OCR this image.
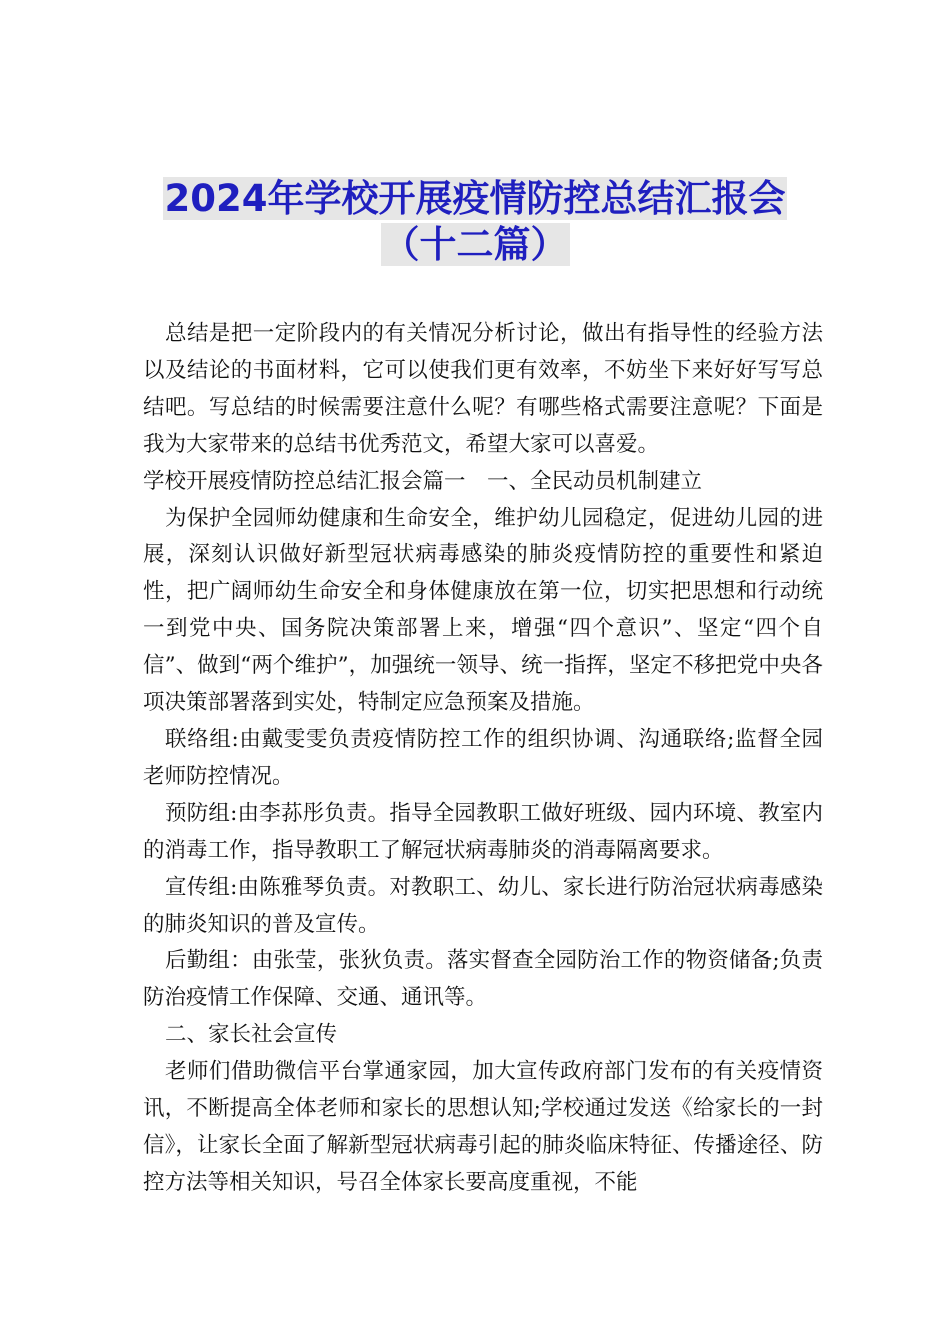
2024年学校开展疫情防控总结汇报会
（十二篇）

总结是把一定阶段内的有关情况分析讨论，做出有指导性的经验方法以及结论的书面材料，它可以使我们更有效率，不妨坐下来好好写写总结吧。写总结的时候需要注意什么呢？有哪些格式需要注意呢？下面是我为大家带来的总结书优秀范文，希望大家可以喜爱。

学校开展疫情防控总结汇报会篇一　一、全民动员机制建立

为保护全园师幼健康和生命安全，维护幼儿园稳定，促进幼儿园的进展，深刻认识做好新型冠状病毒感染的肺炎疫情防控的重要性和紧迫性，把广阔师幼生命安全和身体健康放在第一位，切实把思想和行动统一到党中央、国务院决策部署上来，增强“四个意识”、坚定“四个自信”、做到“两个维护”，加强统一领导、统一指挥，坚定不移把党中央各项决策部署落到实处，特制定应急预案及措施。

联络组:由戴雯雯负责疫情防控工作的组织协调、沟通联络;监督全园老师防控情况。

预防组:由李荪彤负责。指导全园教职工做好班级、园内环境、教室内的消毒工作，指导教职工了解冠状病毒肺炎的消毒隔离要求。

宣传组:由陈雅琴负责。对教职工、幼儿、家长进行防治冠状病毒感染的肺炎知识的普及宣传。

后勤组：由张莹，张狄负责。落实督查全园防治工作的物资储备;负责防治疫情工作保障、交通、通讯等。

二、家长社会宣传

老师们借助微信平台掌通家园，加大宣传政府部门发布的有关疫情资讯，不断提高全体老师和家长的思想认知;学校通过发送《给家长的一封信》，让家长全面了解新型冠状病毒引起的肺炎临床特征、传播途径、防控方法等相关知识，号召全体家长要高度重视，不能
